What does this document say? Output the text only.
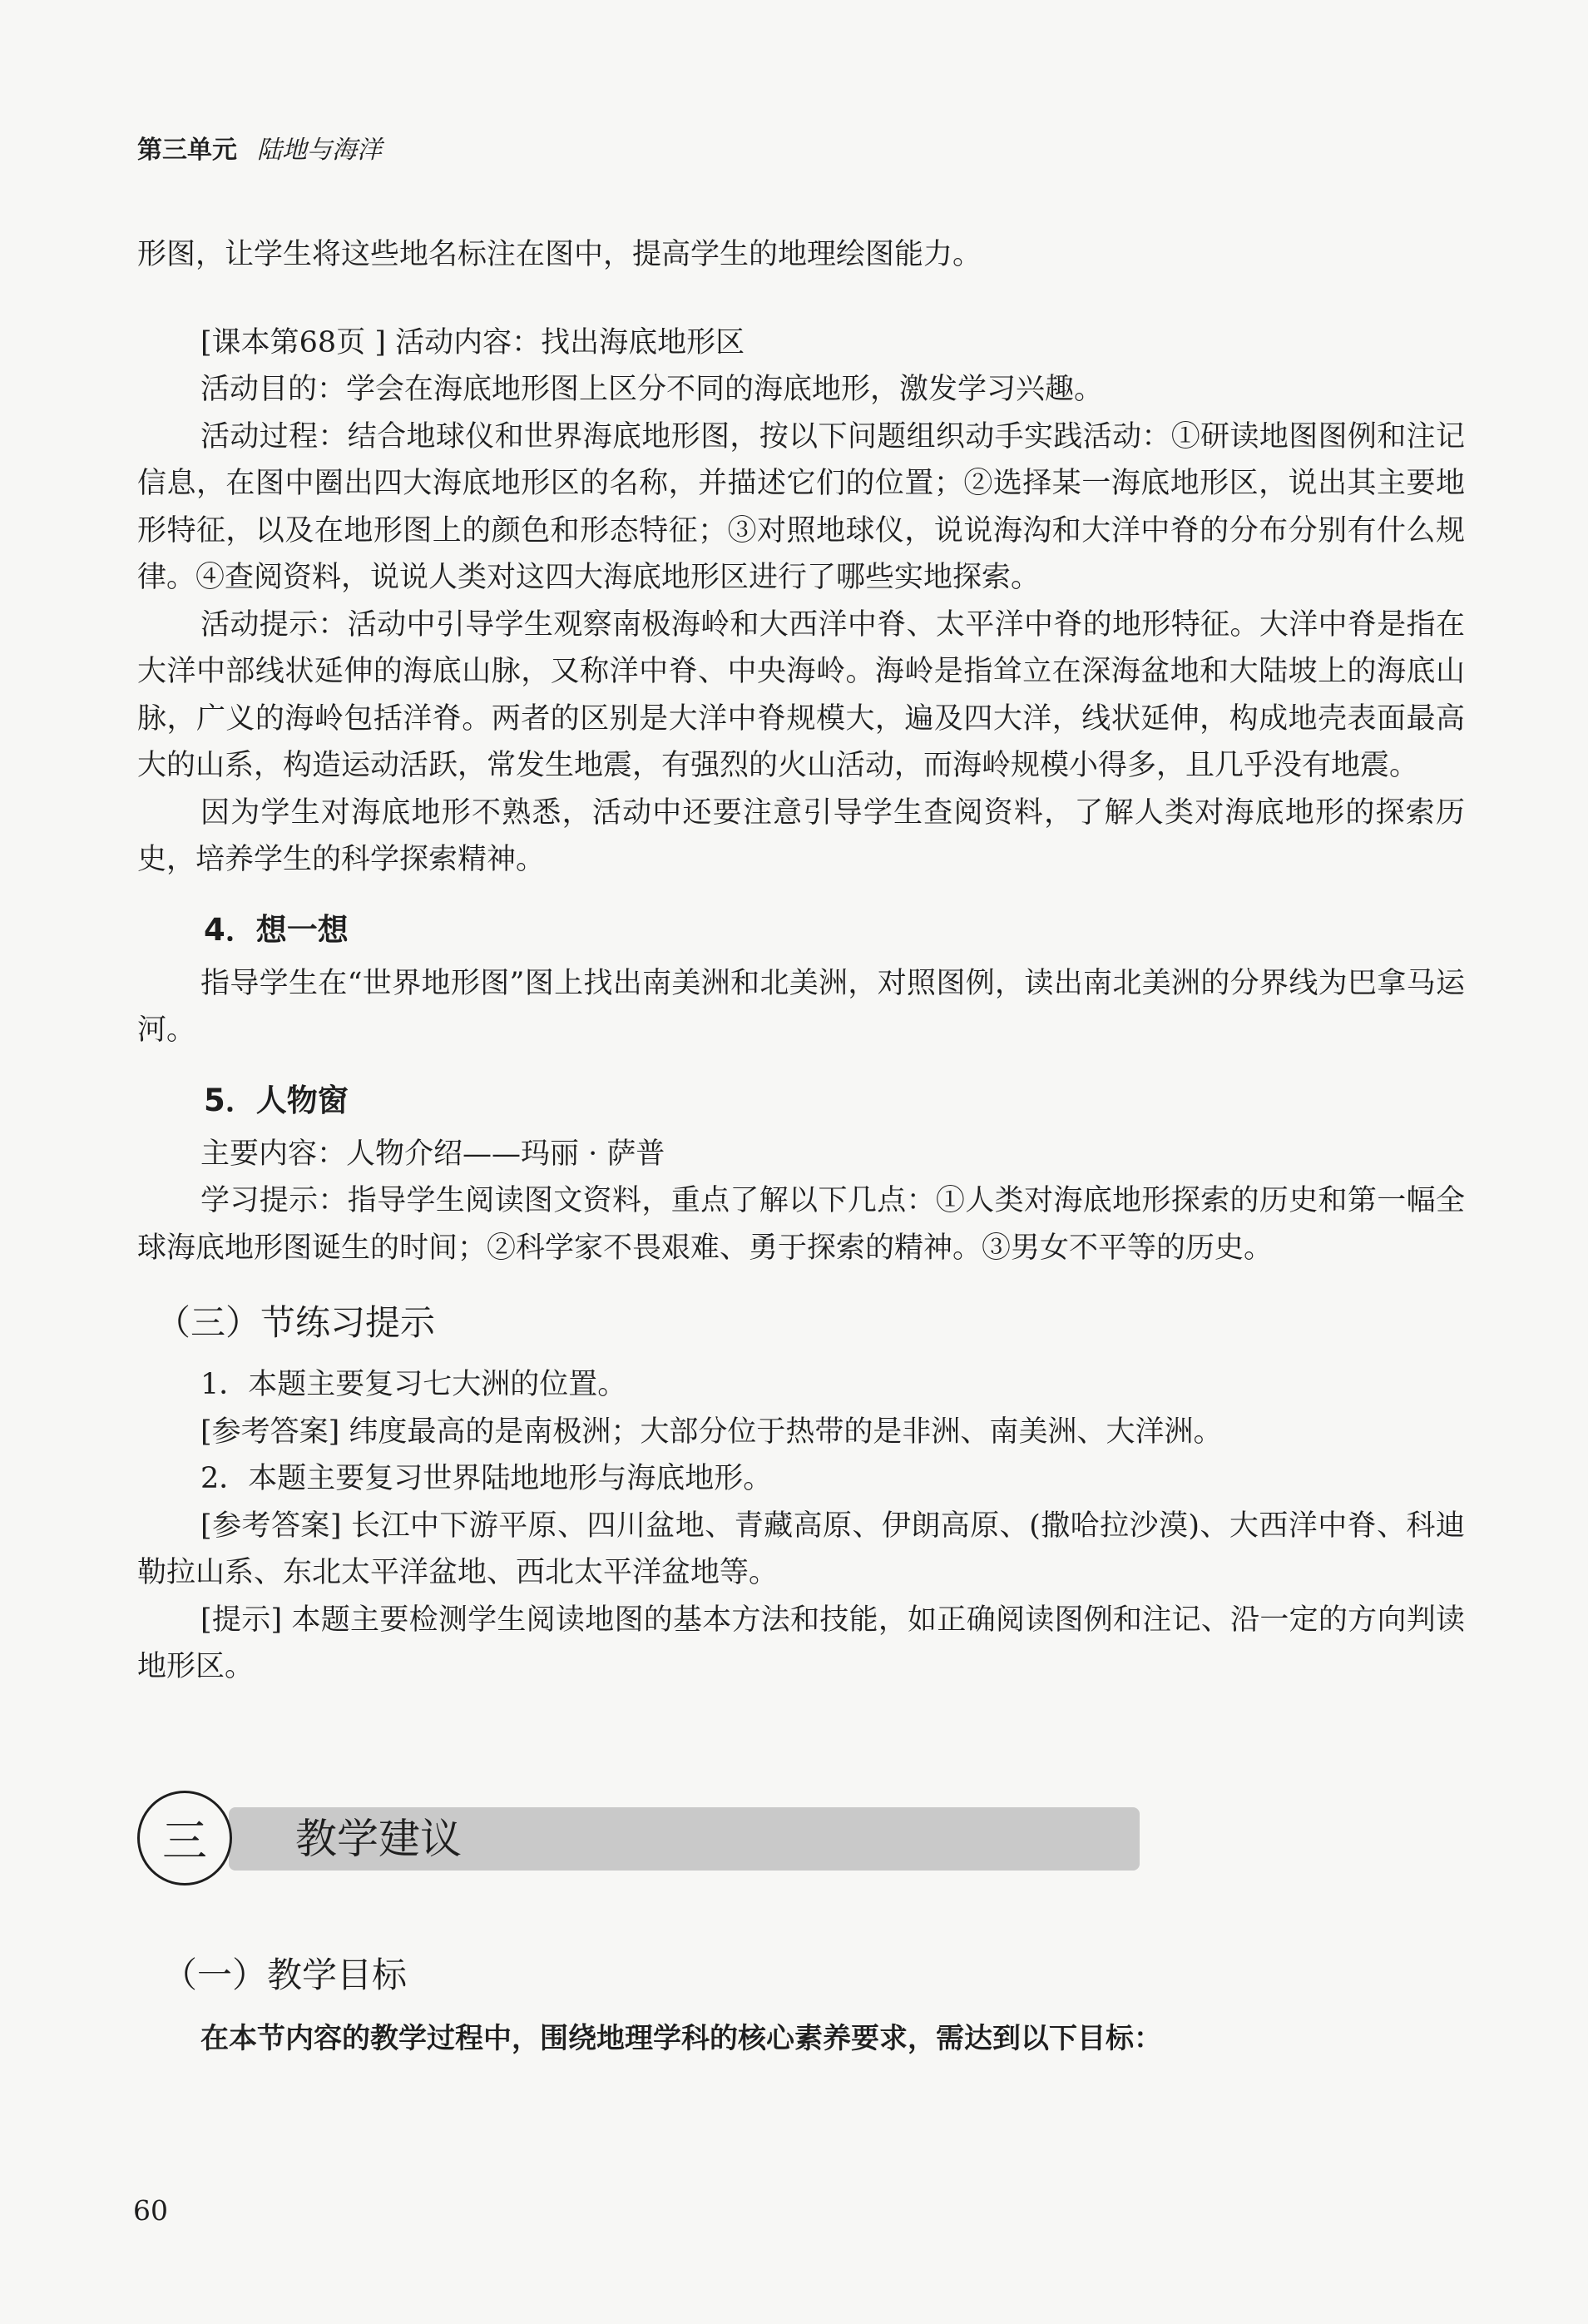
第三单元 陆地与海洋

形图，让学生将这些地名标注在图中，提高学生的地理绘图能力。

[课本第68页 ] 活动内容：找出海底地形区

活动目的：学会在海底地形图上区分不同的海底地形，激发学习兴趣。

活动过程：结合地球仪和世界海底地形图，按以下问题组织动手实践活动：①研读地图图例和注记信息，在图中圈出四大海底地形区的名称，并描述它们的位置；②选择某一海底地形区，说出其主要地形特征，以及在地形图上的颜色和形态特征；③对照地球仪，说说海沟和大洋中脊的分布分别有什么规律。④查阅资料，说说人类对这四大海底地形区进行了哪些实地探索。

活动提示：活动中引导学生观察南极海岭和大西洋中脊、太平洋中脊的地形特征。大洋中脊是指在大洋中部线状延伸的海底山脉，又称洋中脊、中央海岭。海岭是指耸立在深海盆地和大陆坡上的海底山脉，广义的海岭包括洋脊。两者的区别是大洋中脊规模大，遍及四大洋，线状延伸，构成地壳表面最高大的山系，构造运动活跃，常发生地震，有强烈的火山活动，而海岭规模小得多，且几乎没有地震。

因为学生对海底地形不熟悉，活动中还要注意引导学生查阅资料，了解人类对海底地形的探索历史，培养学生的科学探索精神。

4．想一想

指导学生在“世界地形图”图上找出南美洲和北美洲，对照图例，读出南北美洲的分界线为巴拿马运河。

5．人物窗

主要内容：人物介绍——玛丽 · 萨普

学习提示：指导学生阅读图文资料，重点了解以下几点：①人类对海底地形探索的历史和第一幅全球海底地形图诞生的时间；②科学家不畏艰难、勇于探索的精神。③男女不平等的历史。

（三）节练习提示

1．本题主要复习七大洲的位置。

[参考答案] 纬度最高的是南极洲；大部分位于热带的是非洲、南美洲、大洋洲。

2．本题主要复习世界陆地地形与海底地形。

[参考答案] 长江中下游平原、四川盆地、青藏高原、伊朗高原、(撒哈拉沙漠)、大西洋中脊、科迪勒拉山系、东北太平洋盆地、西北太平洋盆地等。

[提示] 本题主要检测学生阅读地图的基本方法和技能，如正确阅读图例和注记、沿一定的方向判读地形区。

三 教学建议
（一）教学目标
在本节内容的教学过程中，围绕地理学科的核心素养要求，需达到以下目标：
60
